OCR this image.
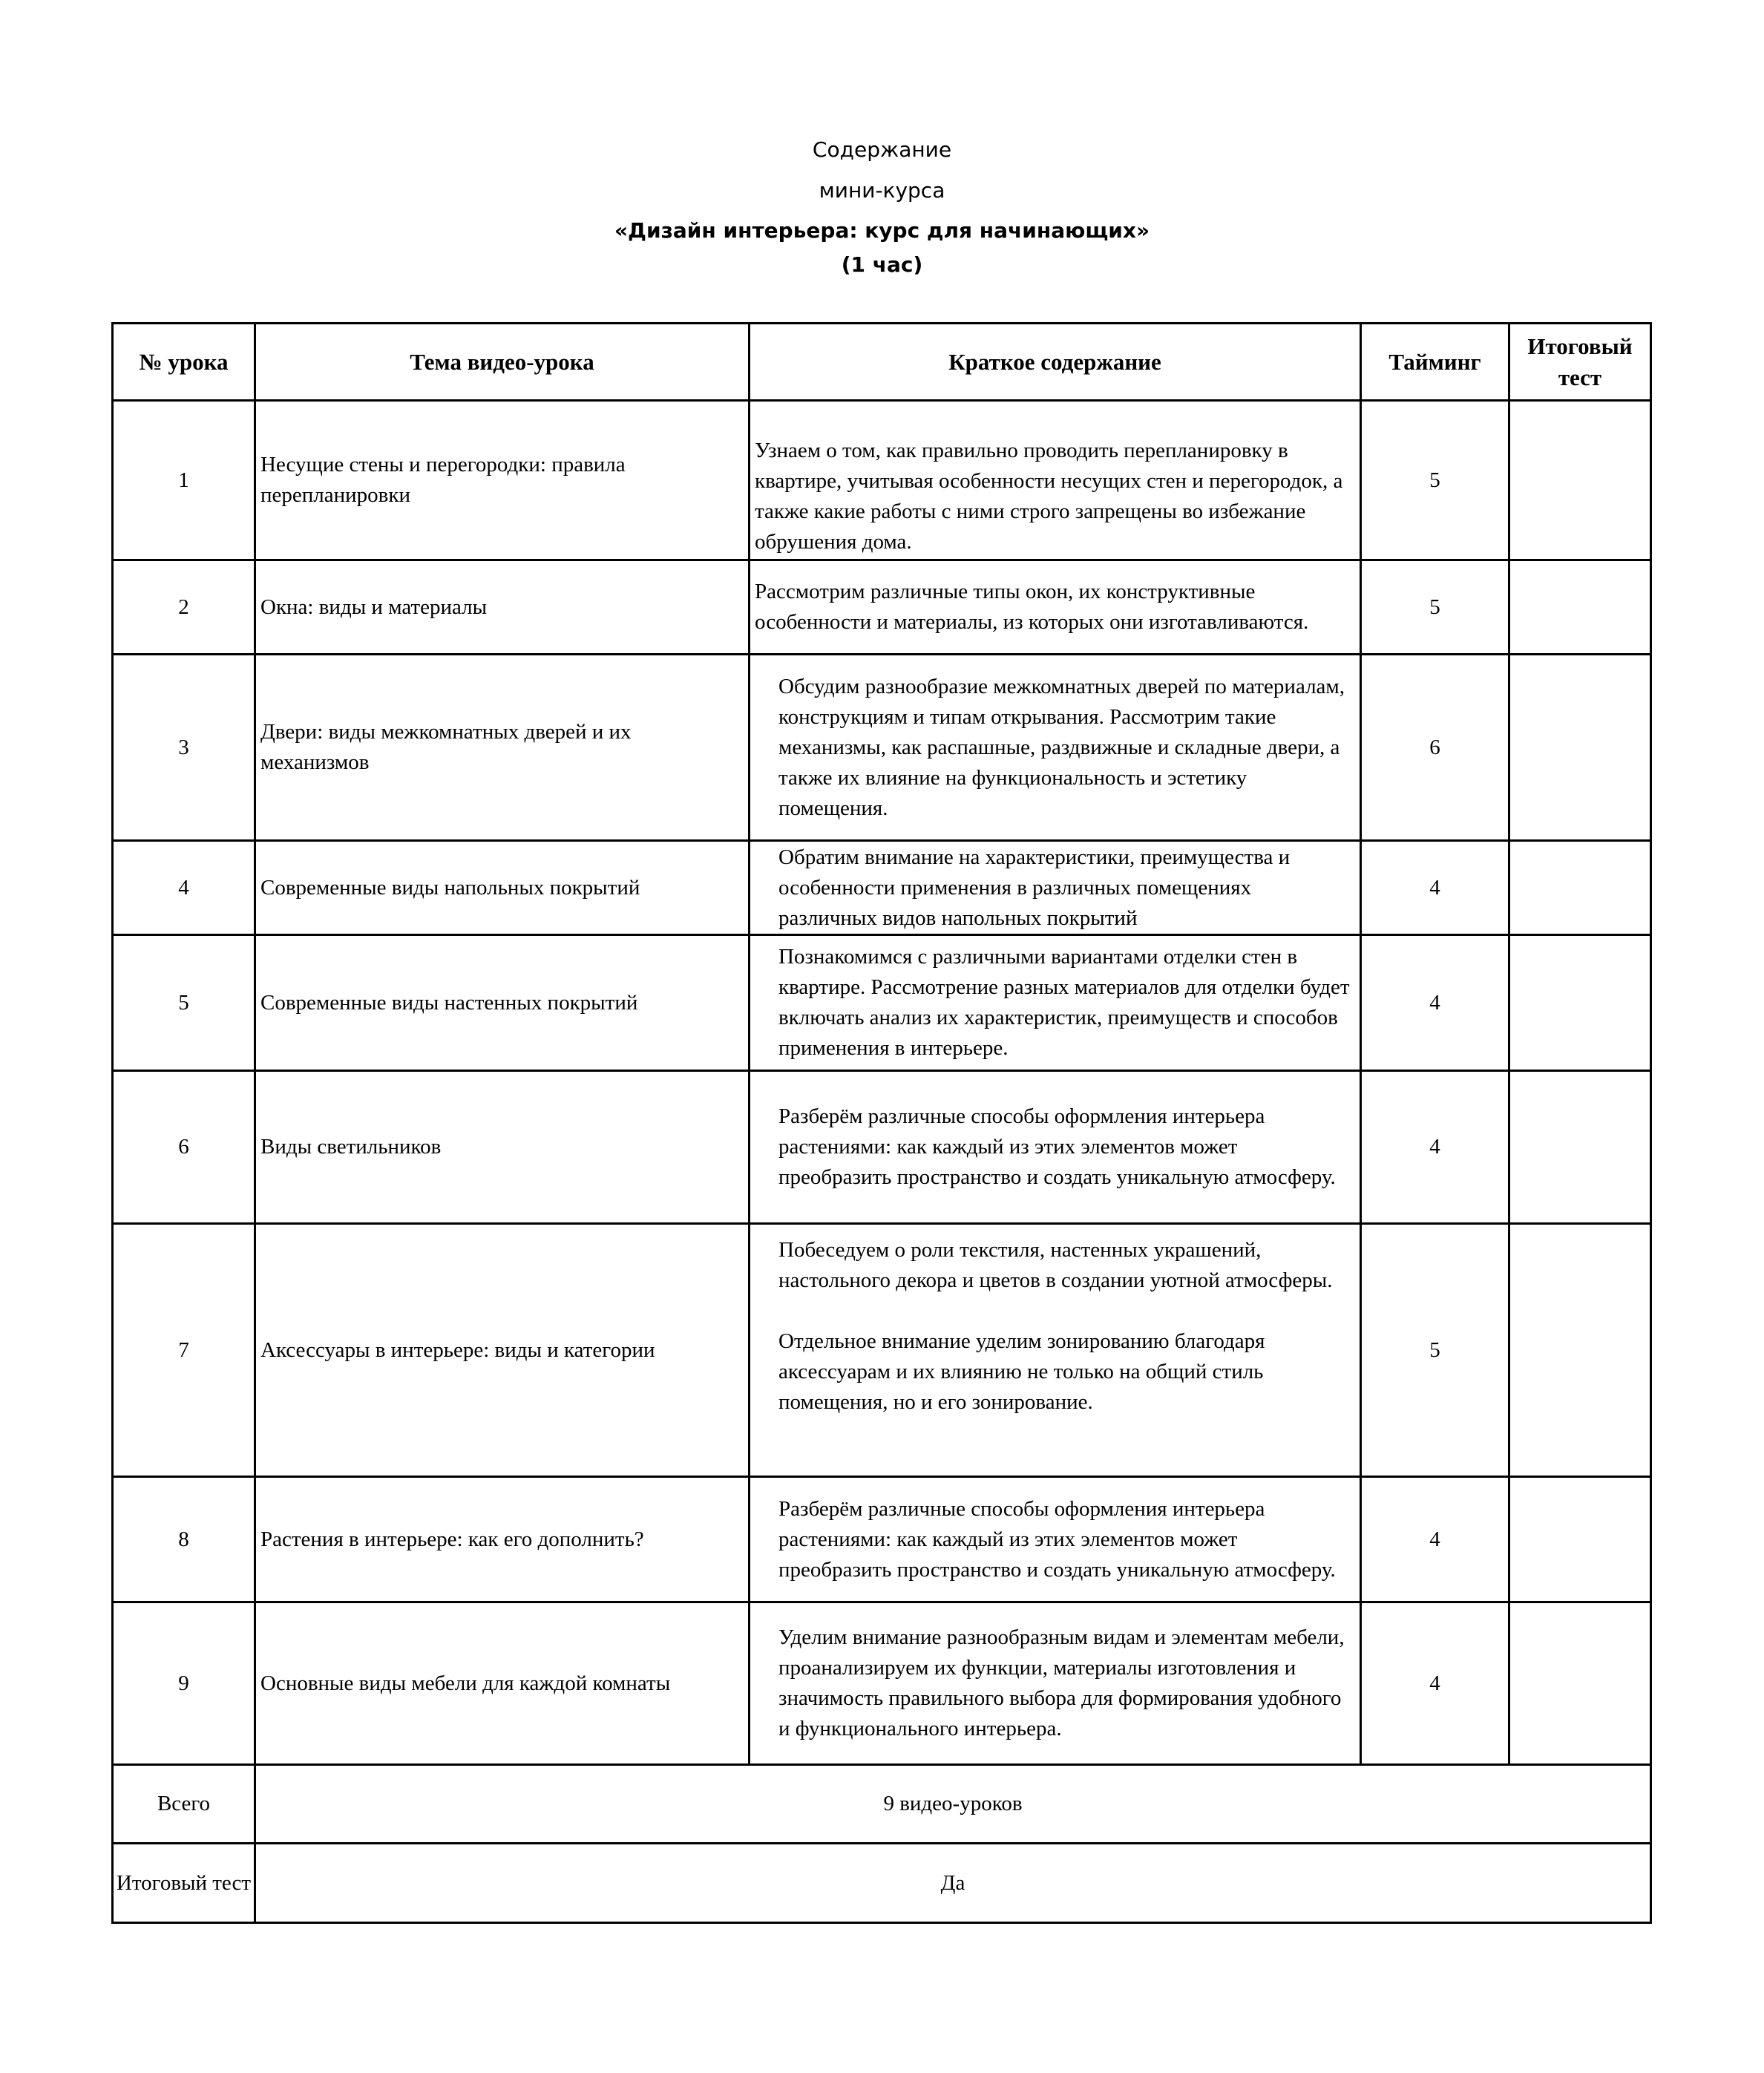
Содержание
мини-курса
«Дизайн интерьера: курс для начинающих»
(1 час)
№ урока	Тема видео-урока	Краткое содержание	Тайминг	Итоговый
тест
1	Несущие стены и перегородки: правила перепланировки	Узнаем о том, как правильно проводить перепланировку в квартире, учитывая особенности несущих стен и перегородок, а также какие работы с ними строго запрещены во избежание обрушения дома.	5	
2	Окна: виды и материалы	Рассмотрим различные типы окон, их конструктивные особенности и материалы, из которых они изготавливаются.	5	
3	Двери: виды межкомнатных дверей и их механизмов	Обсудим разнообразие межкомнатных дверей по материалам, конструкциям и типам открывания. Рассмотрим такие механизмы, как распашные, раздвижные и складные двери, а также их влияние на функциональность и эстетику помещения.	6	
4	Современные виды напольных покрытий	Обратим внимание на характеристики, преимущества и особенности применения в различных помещениях различных видов напольных покрытий	4	
5	Современные виды настенных покрытий	Познакомимся с различными вариантами отделки стен в квартире. Рассмотрение разных материалов для отделки будет включать анализ их характеристик, преимуществ и способов применения в интерьере.	4	
6	Виды светильников	Разберём различные способы оформления интерьера растениями: как каждый из этих элементов может преобразить пространство и создать уникальную атмосферу.	4	
7	Аксессуары в интерьере: виды и категории	Побеседуем о роли текстиля, настенных украшений, настольного декора и цветов в создании уютной атмосферы.

Отдельное внимание уделим зонированию благодаря аксессуарам и их влиянию не только на общий стиль помещения, но и его зонирование.	5	
8	Растения в интерьере: как его дополнить?	Разберём различные способы оформления интерьера растениями: как каждый из этих элементов может преобразить пространство и создать уникальную атмосферу.	4	
9	Основные виды мебели для каждой комнаты	Уделим внимание разнообразным видам и элементам мебели, проанализируем их функции, материалы изготовления и значимость правильного выбора для формирования удобного и функционального интерьера.	4	
Всего	9 видео-уроков			
Итоговый тест	Да			
